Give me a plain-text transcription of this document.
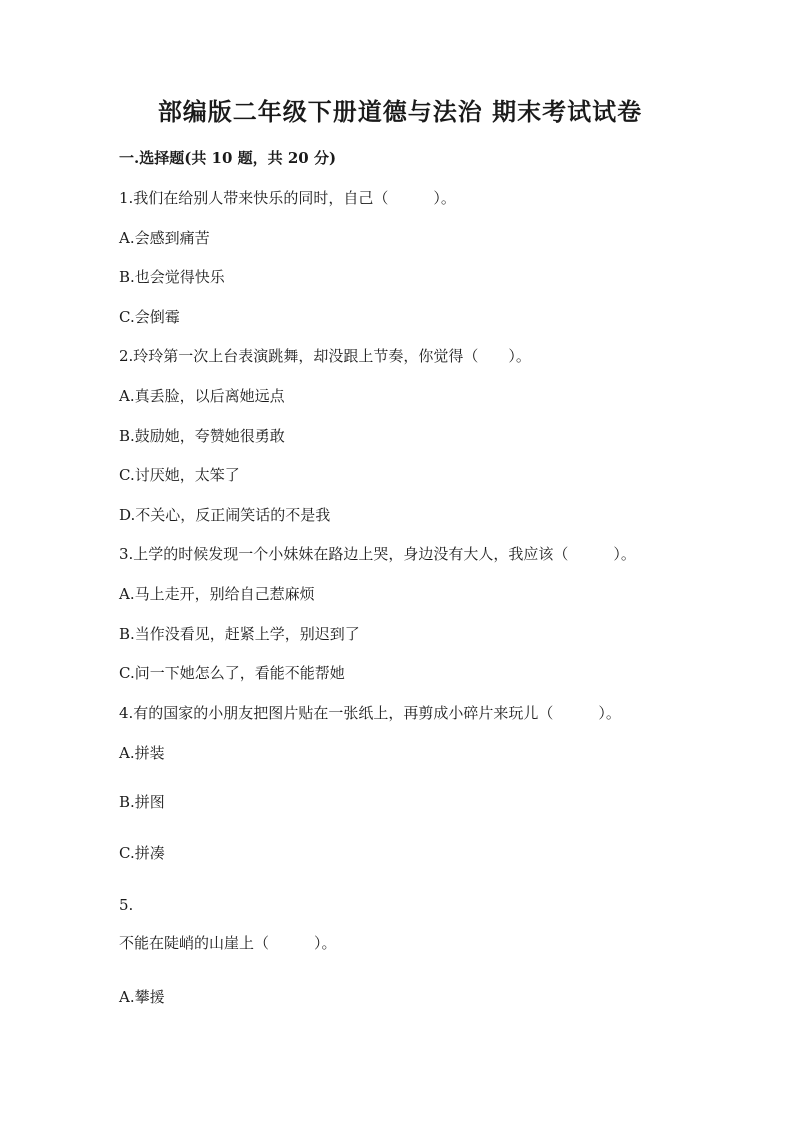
部编版二年级下册道德与法治 期末考试试卷
一.选择题(共 10 题，共 20 分)
1.我们在给别人带来快乐的同时，自己（　　　）。
A.会感到痛苦
B.也会觉得快乐
C.会倒霉
2.玲玲第一次上台表演跳舞，却没跟上节奏，你觉得（　　）。
A.真丢脸，以后离她远点
B.鼓励她，夸赞她很勇敢
C.讨厌她，太笨了
D.不关心，反正闹笑话的不是我
3.上学的时候发现一个小妹妹在路边上哭，身边没有大人，我应该（　　　）。
A.马上走开，别给自己惹麻烦
B.当作没看见，赶紧上学，别迟到了
C.问一下她怎么了，看能不能帮她
4.有的国家的小朋友把图片贴在一张纸上，再剪成小碎片来玩儿（　　　）。
A.拼装
B.拼图
C.拼凑
5.
不能在陡峭的山崖上（　　　）。
A.攀援
